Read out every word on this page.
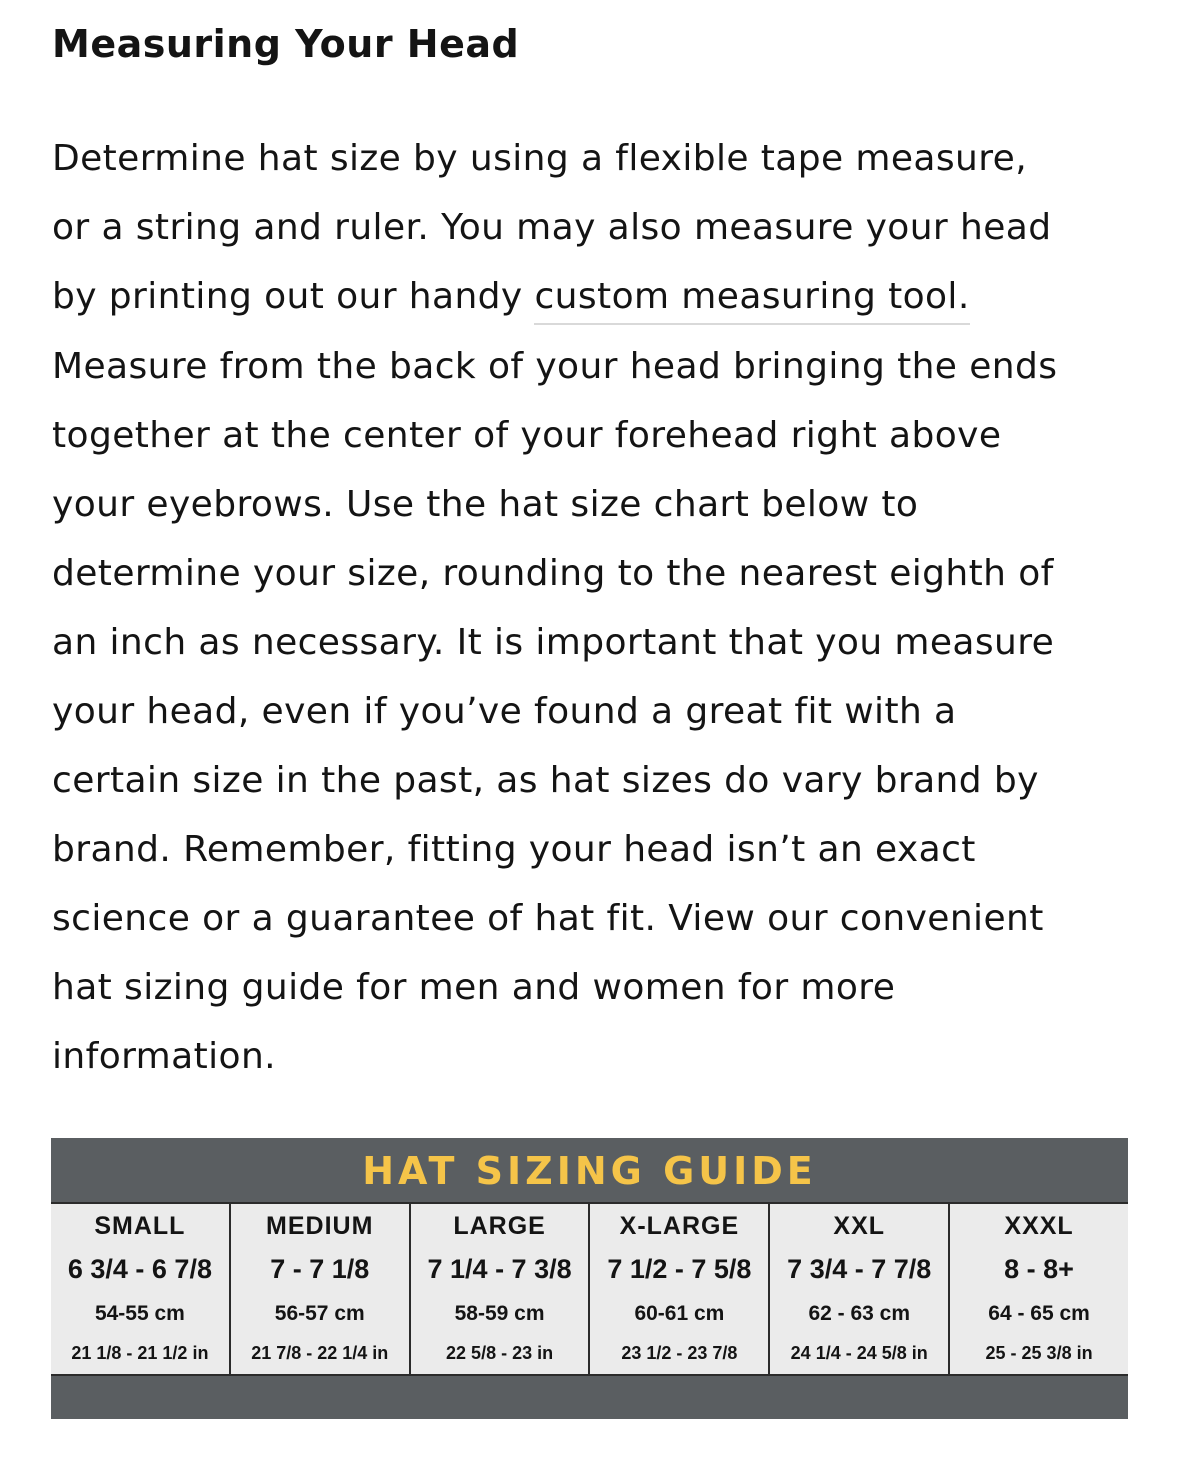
Measuring Your Head
Determine hat size by using a flexible tape measure,
or a string and ruler. You may also measure your head
by printing out our handy custom measuring tool.
Measure from the back of your head bringing the ends
together at the center of your forehead right above
your eyebrows. Use the hat size chart below to
determine your size, rounding to the nearest eighth of
an inch as necessary. It is important that you measure
your head, even if you’ve found a great fit with a
certain size in the past, as hat sizes do vary brand by
brand. Remember, fitting your head isn’t an exact
science or a guarantee of hat fit. View our convenient
hat sizing guide for men and women for more
information.
HAT SIZING GUIDE
SMALL
6 3/4 - 6 7/8
54-55 cm
21 1/8 - 21 1/2 in
MEDIUM
7 - 7 1/8
56-57 cm
21 7/8 - 22 1/4 in
LARGE
7 1/4 - 7 3/8
58-59 cm
22 5/8 - 23 in
X-LARGE
7 1/2 - 7 5/8
60-61 cm
23 1/2 - 23 7/8
XXL
7 3/4 - 7 7/8
62 - 63 cm
24 1/4 - 24 5/8 in
XXXL
8 - 8+
64 - 65 cm
25 - 25 3/8 in
